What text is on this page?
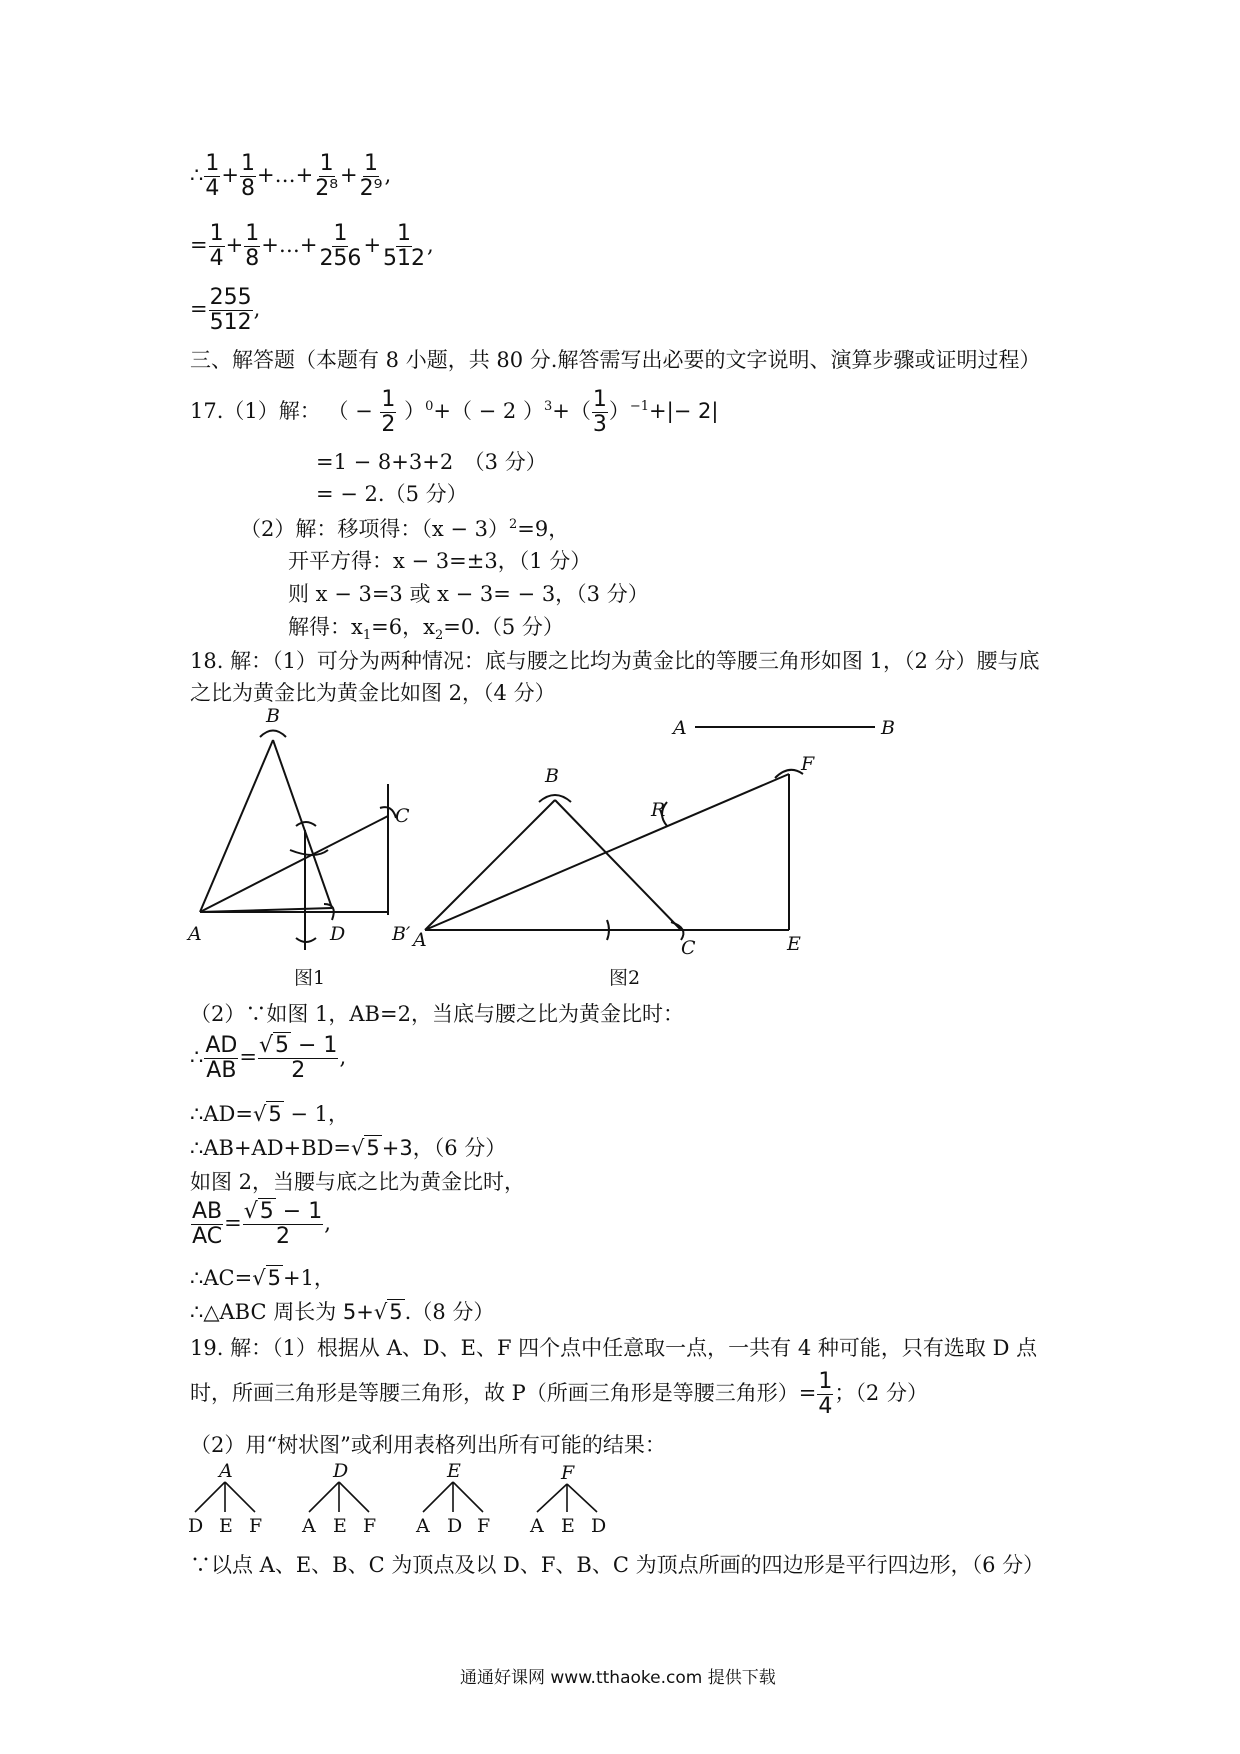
∴ $\frac{1}{4} + \frac{1}{8}$ +…+ $\frac{1}{\text{2⁸}} + \frac{1}{\text{2⁹}}$ ,
= $\frac{1}{4} + \frac{1}{8}$ +…+ $\frac{1}{256} + \frac{1}{512}$ ,
= $\frac{255}{512}$ ,
三、解答题（本题有 8 小题，共 80 分.解答需写出必要的文字说明、演算步骤或证明过程）
17.（1）解： （ − $\frac{1}{2} )^0+( - 2$ ）$^3+( \frac{1}{3} )^{-1}+|- 2|$
=1 − 8+3+2　（3 分）
= − 2.（5 分）
（2）解：移项得：$(x - 3)^2=9$，
开平方得：x − 3=±3，（1 分）
则 x − 3=3 或 x − 3= − 3，（3 分）
解得：$x_1=6$，$x_2=0.(5$ 分）
18. 解：（1）可分为两种情况：底与腰之比均为黄金比的等腰三角形如图 1，（2 分）腰与底
之比为黄金比为黄金比如图 2，（4 分）
A
B
C
D B′
图1
A	B
A
B
C	E
F
R
图2
（2）∵如图 1，AB=2，当底与腰之比为黄金比时：
∴ $\frac{AD}{AB} = \frac{√5 - 1}{2}$ ,
∴AD=√5 − 1，
∴AB+AD+BD=√5+3，（6 分）
如图 2，当腰与底之比为黄金比时，
$\frac{AB}{AC} = \frac{√5 - 1}{2}$ ,
∴AC=√5+1，
∴△ABC 周长为 5+√5.（8 分）
19. 解：（1）根据从 A、D、E、F 四个点中任意取一点，一共有 4 种可能，只有选取 D 点
时，所画三角形是等腰三角形，故 P（所画三角形是等腰三角形）= $\frac{1}{4}$ ；（2 分）
（2）用“树状图”或利用表格列出所有可能的结果：
A
D E F
D
A E F
E
A D F
F
A E D
∵以点 A、E、B、C 为顶点及以 D、F、B、C 为顶点所画的四边形是平行四边形，（6 分）
通通好课网 www.tthaoke.com 提供下载
